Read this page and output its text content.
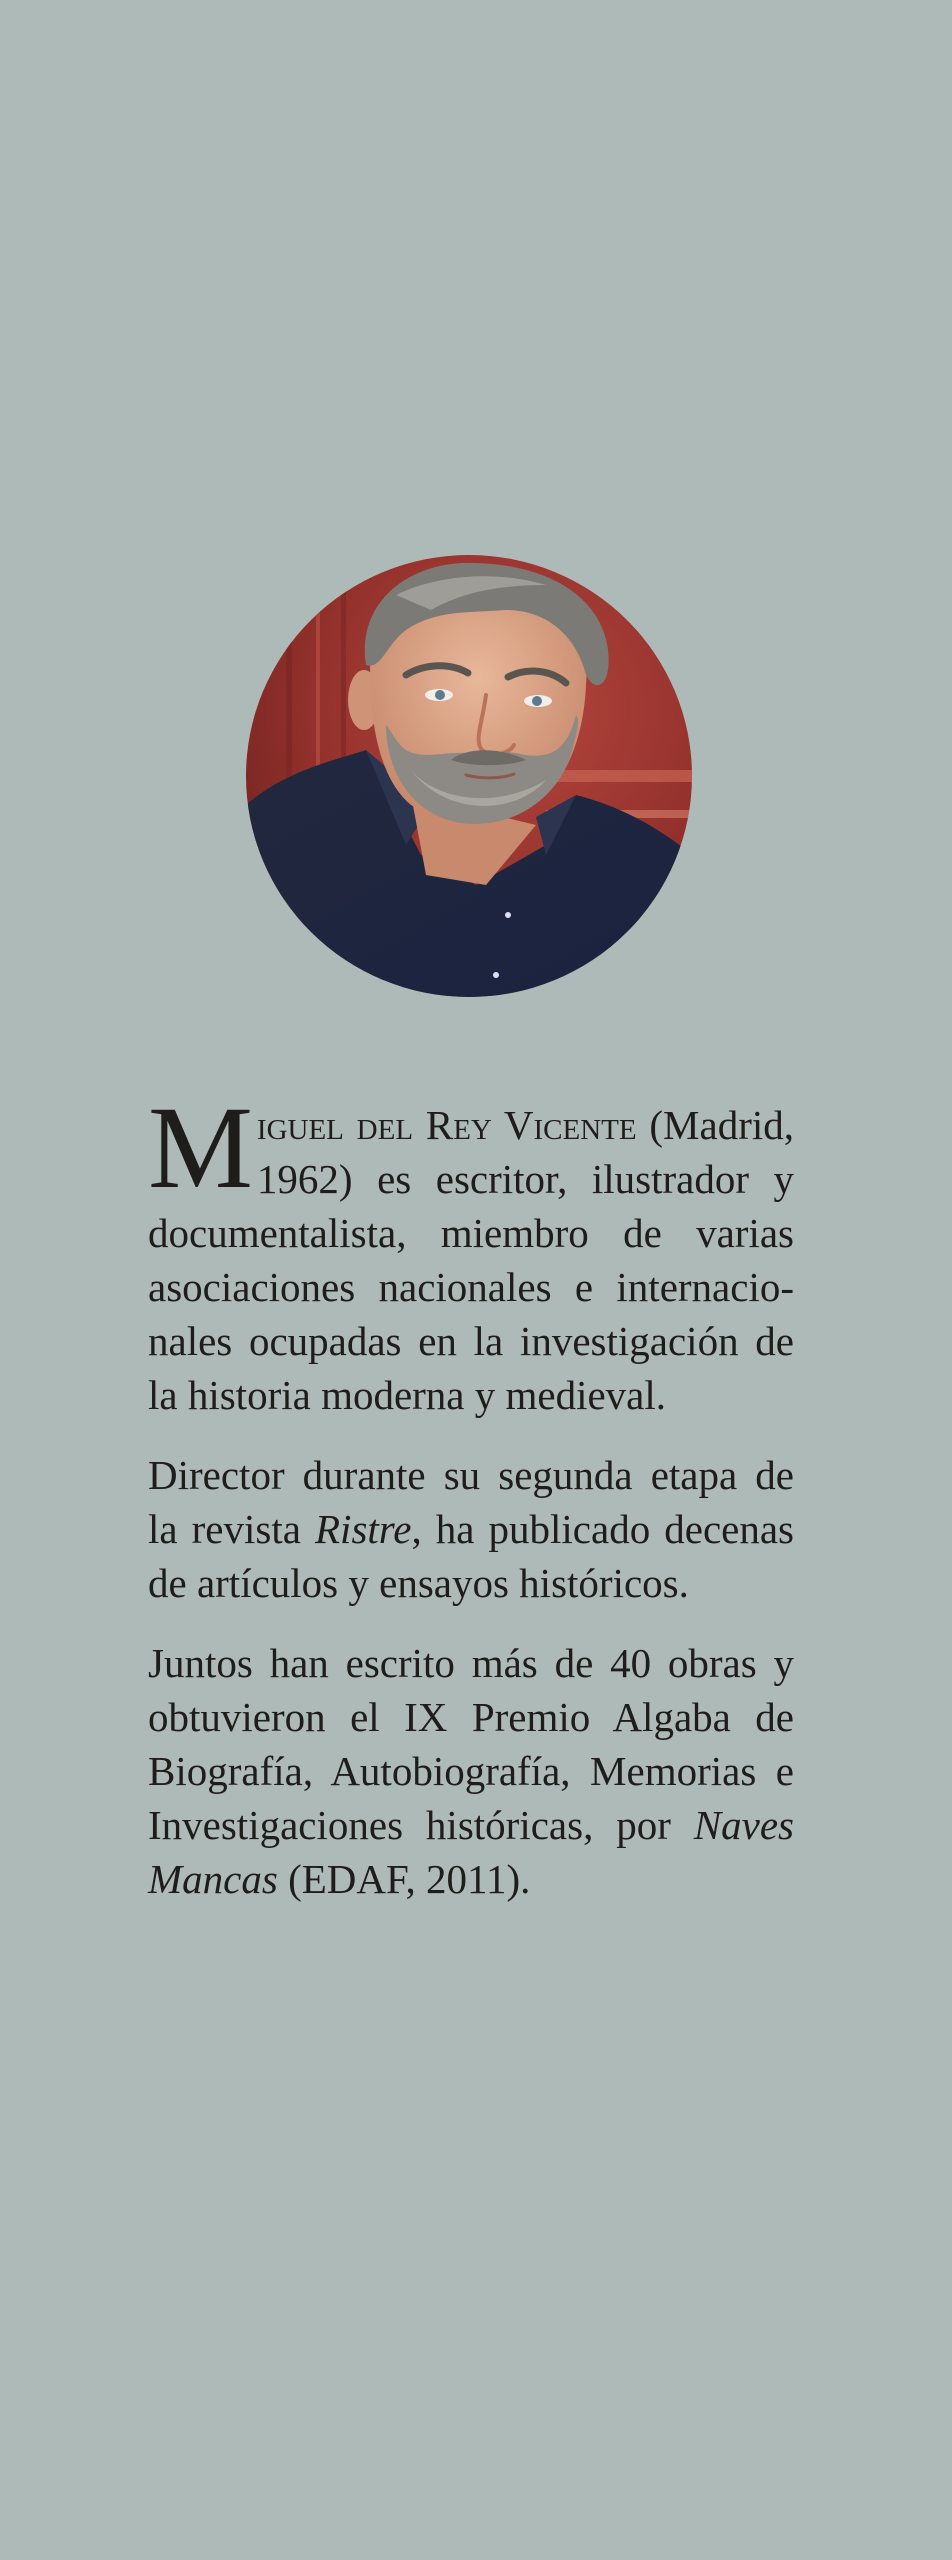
Miguel del Rey Vicente (Madrid, 1962) es escritor, ilustrador y documentalista, miembro de varias asociaciones nacionales e internacionales ocupadas en la investigación de la historia moderna y medieval.

Director durante su segunda etapa de la revista Ristre, ha publicado decenas de artículos y ensayos históricos.

Juntos han escrito más de 40 obras y obtuvieron el IX Premio Algaba de Biografía, Autobiografía, Memorias e Investigaciones históricas, por Naves Mancas (EDAF, 2011).
